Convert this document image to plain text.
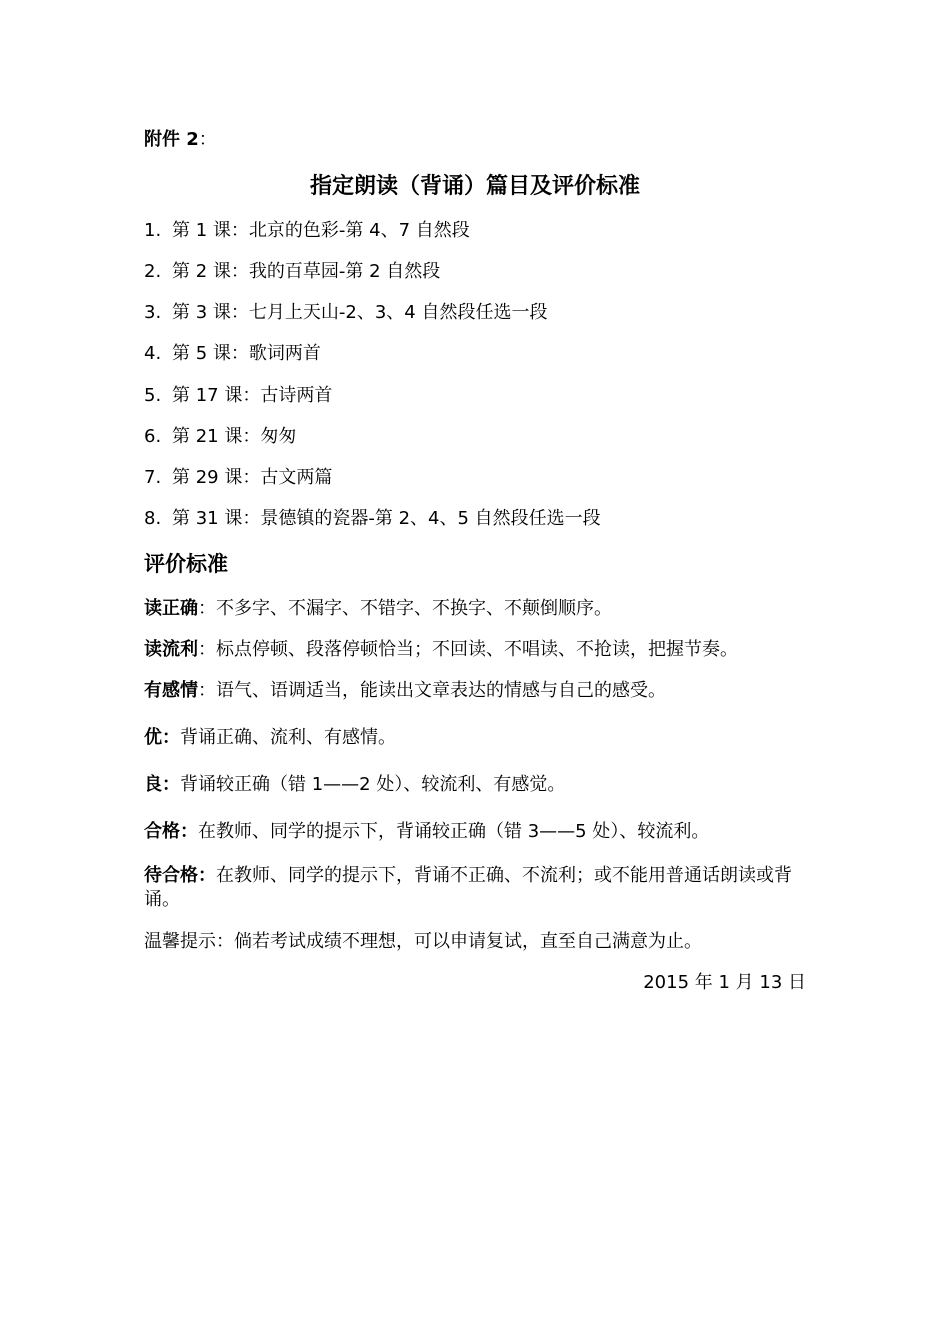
附件 2：
指定朗读（背诵）篇目及评价标准
1. 第 1 课：北京的色彩-第 4、7 自然段
2. 第 2 课：我的百草园-第 2 自然段
3. 第 3 课：七月上天山-2、3、4 自然段任选一段
4. 第 5 课：歌词两首
5. 第 17 课：古诗两首
6. 第 21 课：匆匆
7. 第 29 课：古文两篇
8. 第 31 课：景德镇的瓷器-第 2、4、5 自然段任选一段
评价标准
读正确：不多字、不漏字、不错字、不换字、不颠倒顺序。
读流利：标点停顿、段落停顿恰当；不回读、不唱读、不抢读，把握节奏。
有感情：语气、语调适当，能读出文章表达的情感与自己的感受。
优：背诵正确、流利、有感情。
良：背诵较正确（错 1——2 处）、较流利、有感觉。
合格：在教师、同学的提示下，背诵较正确（错 3——5 处）、较流利。
待合格：在教师、同学的提示下，背诵不正确、不流利；或不能用普通话朗读或背诵。
温馨提示：倘若考试成绩不理想，可以申请复试，直至自己满意为止。
2015 年 1 月 13 日
